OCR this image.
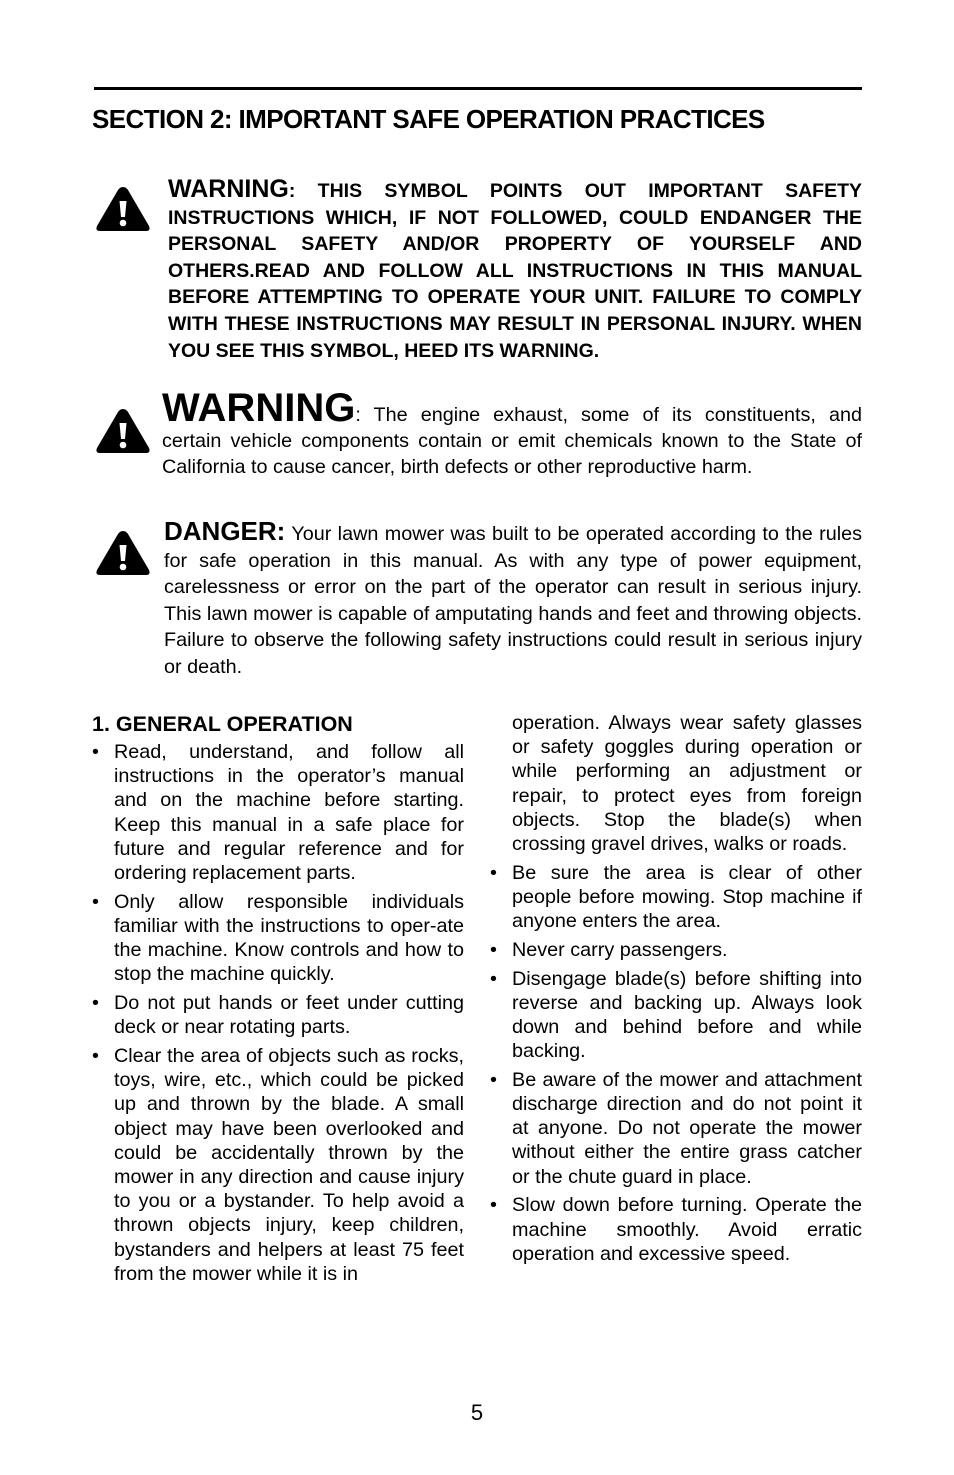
SECTION 2: IMPORTANT SAFE OPERATION PRACTICES
WARNING: THIS SYMBOL POINTS OUT IMPORTANT SAFETY INSTRUCTIONS WHICH, IF NOT FOLLOWED, COULD ENDANGER THE PERSONAL SAFETY AND/OR PROPERTY OF YOURSELF AND OTHERS.READ AND FOLLOW ALL INSTRUCTIONS IN THIS MANUAL BEFORE ATTEMPTING TO OPERATE YOUR UNIT. FAILURE TO COMPLY WITH THESE INSTRUCTIONS MAY RESULT IN PERSONAL INJURY. WHEN YOU SEE THIS SYMBOL, HEED ITS WARNING.
WARNING: The engine exhaust, some of its constituents, and certain vehicle components contain or emit chemicals known to the State of California to cause cancer, birth defects or other reproductive harm.
DANGER: Your lawn mower was built to be operated according to the rules for safe operation in this manual. As with any type of power equipment, carelessness or error on the part of the operator can result in serious injury. This lawn mower is capable of amputating hands and feet and throwing objects. Failure to observe the following safety instructions could result in serious injury or death.
1. GENERAL OPERATION
• Read, understand, and follow all instructions in the operator’s manual and on the machine before starting. Keep this manual in a safe place for future and regular reference and for ordering replacement parts.
• Only allow responsible individuals familiar with the instructions to oper-ate the machine. Know controls and how to stop the machine quickly.
• Do not put hands or feet under cutting deck or near rotating parts.
• Clear the area of objects such as rocks, toys, wire, etc., which could be picked up and thrown by the blade. A small object may have been overlooked and could be accidentally thrown by the mower in any direction and cause injury to you or a bystander. To help avoid a thrown objects injury, keep children, bystanders and helpers at least 75 feet from the mower while it is in
operation. Always wear safety glasses or safety goggles during operation or while performing an adjustment or repair, to protect eyes from foreign objects. Stop the blade(s) when crossing gravel drives, walks or roads.
• Be sure the area is clear of other people before mowing. Stop machine if anyone enters the area.
• Never carry passengers.
• Disengage blade(s) before shifting into reverse and backing up. Always look down and behind before and while backing.
• Be aware of the mower and attachment discharge direction and do not point it at anyone. Do not operate the mower without either the entire grass catcher or the chute guard in place.
• Slow down before turning. Operate the machine smoothly. Avoid erratic operation and excessive speed.
5
